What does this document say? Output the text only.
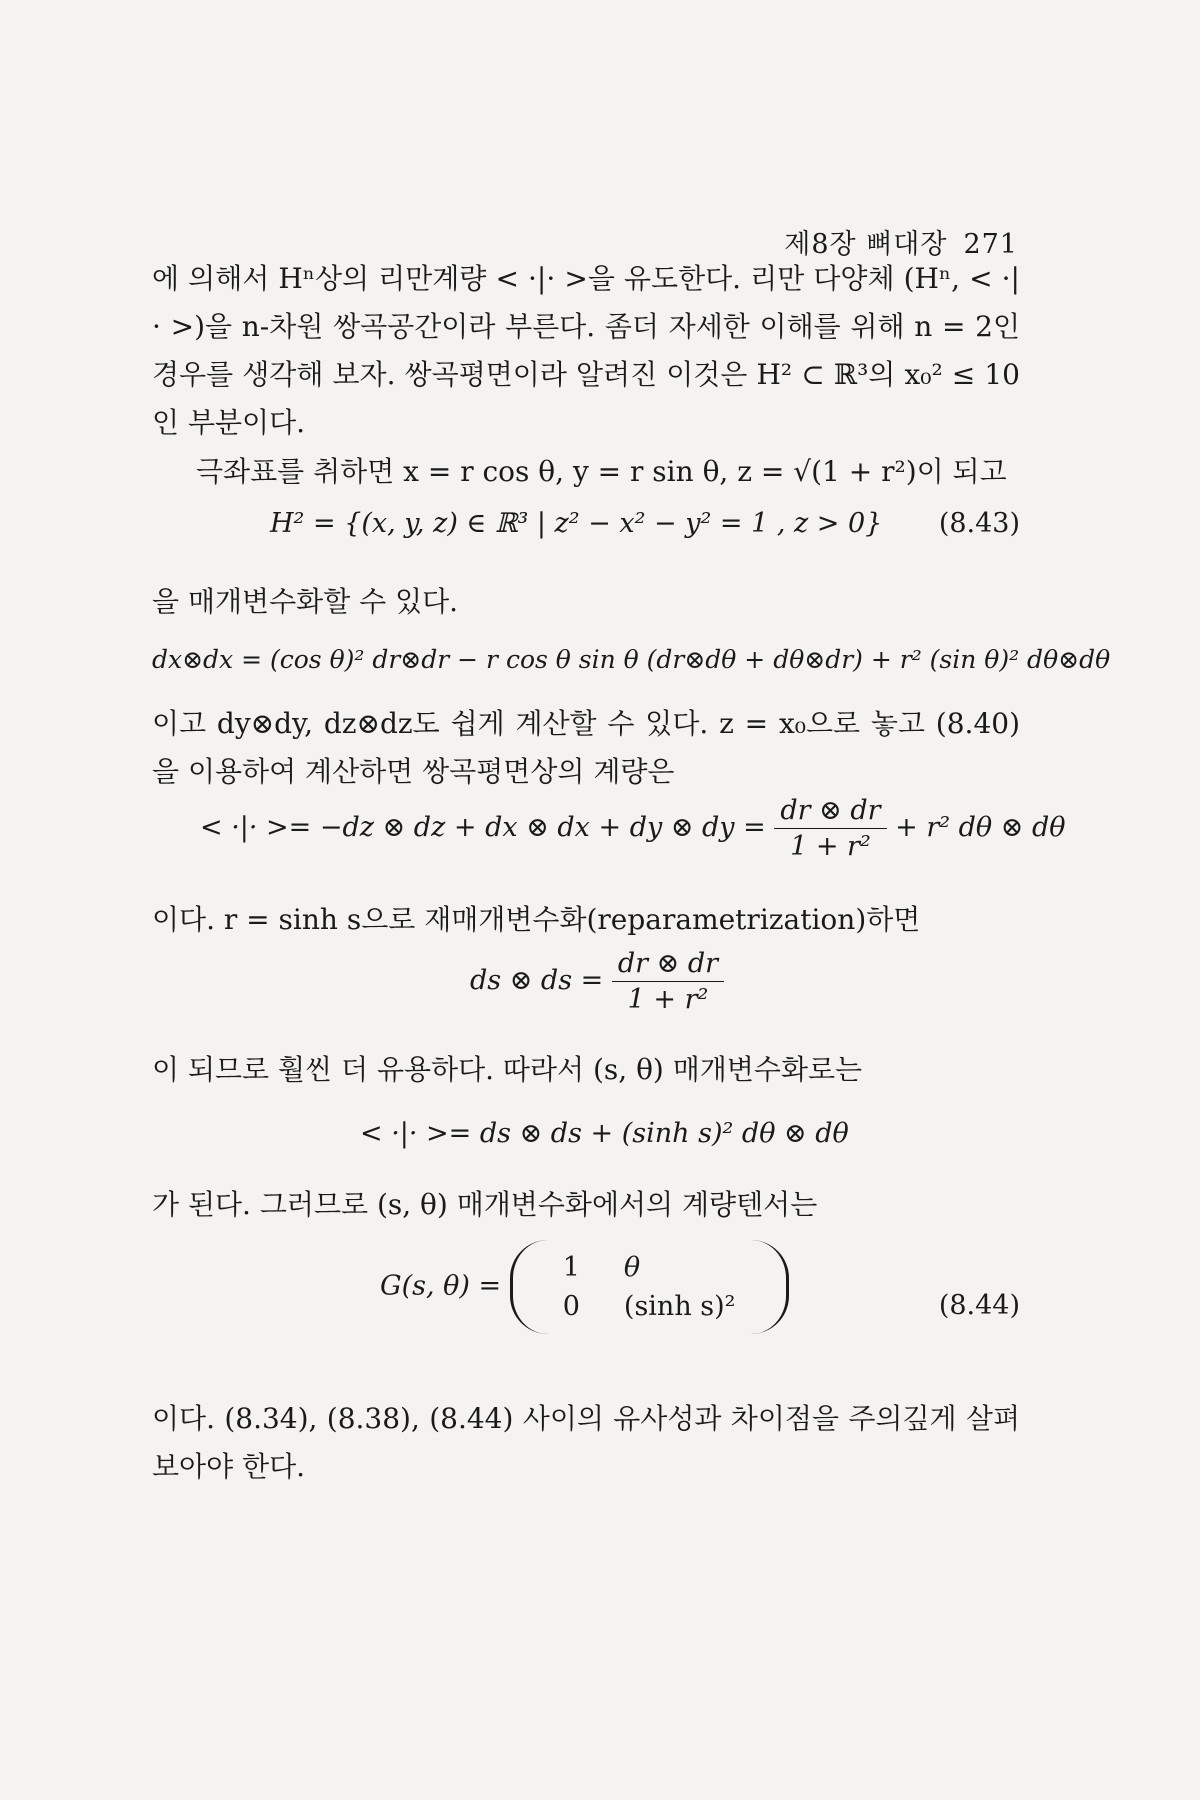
제8장 뼈대장 271
에 의해서 Hⁿ상의 리만계량 < ·|· >을 유도한다. 리만 다양체 (Hⁿ, < ·|· >)을 n-차원 쌍곡공간이라 부른다. 좀더 자세한 이해를 위해 n = 2인 경우를 생각해 보자. 쌍곡평면이라 알려진 이것은 H² ⊂ ℝ³의 x₀² ≤ 10인 부분이다.
극좌표를 취하면 x = r cos θ, y = r sin θ, z = √(1 + r²)이 되고
H² = {(x, y, z) ∈ ℝ³ | z² − x² − y² = 1 , z > 0} (8.43)
을 매개변수화할 수 있다.
dx⊗dx = (cos θ)² dr⊗dr − r cos θ sin θ (dr⊗dθ + dθ⊗dr) + r² (sin θ)² dθ⊗dθ
이고 dy⊗dy, dz⊗dz도 쉽게 계산할 수 있다. z = x₀으로 놓고 (8.40)을 이용하여 계산하면 쌍곡평면상의 계량은
< ·|· >= −dz ⊗ dz + dx ⊗ dx + dy ⊗ dy = $\frac{dr \otimes dr}{\text{1 + r²}} + r^2$ dθ ⊗ dθ
이다. r = sinh s으로 재매개변수화(reparametrization)하면
ds ⊗ ds = $\frac{dr \otimes dr}{\text{1 + r²}}$
이 되므로 훨씬 더 유용하다. 따라서 (s, θ) 매개변수화로는
< ·|· >= ds ⊗ ds + (sinh s)² dθ ⊗ dθ
가 된다. 그러므로 (s, θ) 매개변수화에서의 계량텐서는
G(s, θ) =
1	θ
0	(sinh s)²	(8.44)
이다. (8.34), (8.38), (8.44) 사이의 유사성과 차이점을 주의깊게 살펴 보아야 한다.
